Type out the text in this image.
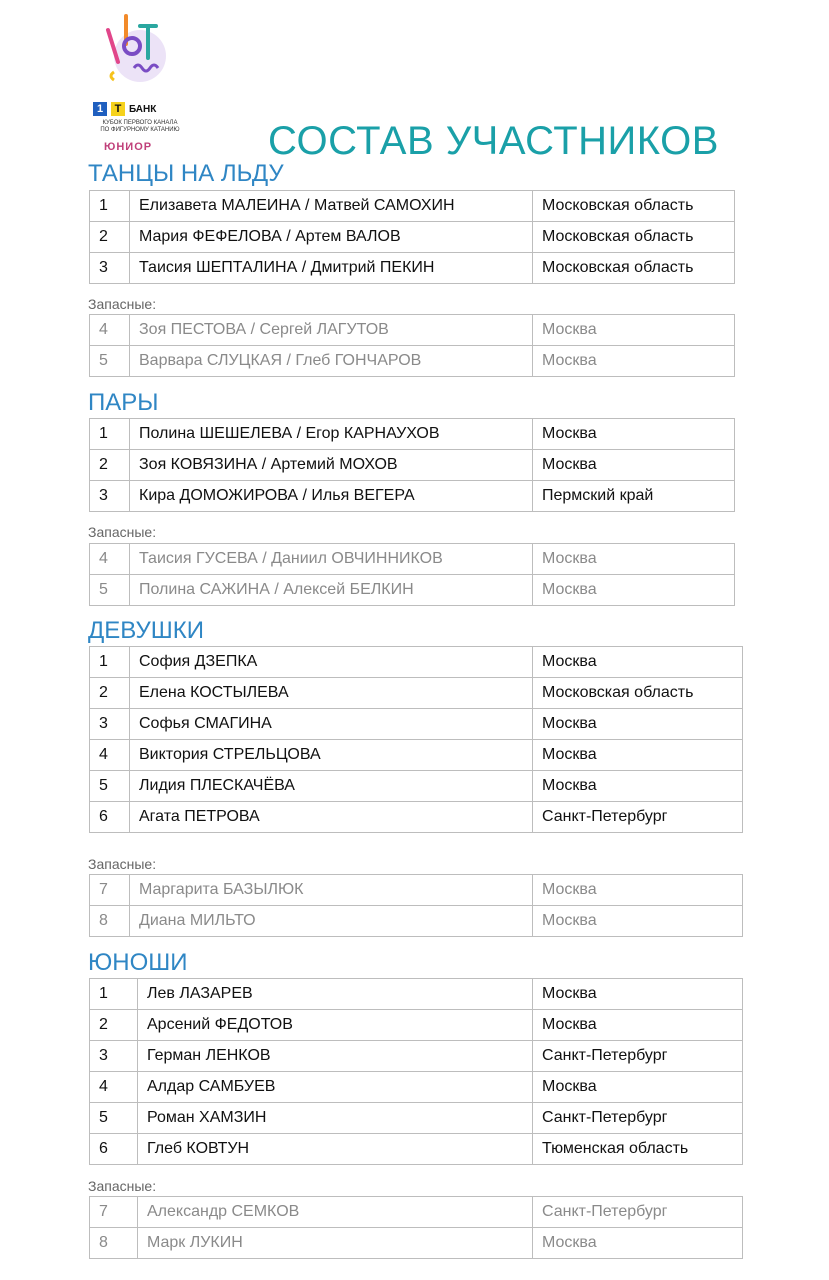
1	Т БАНК
КУБОК ПЕРВОГО КАНАЛА
ПО ФИГУРНОМУ КАТАНИЮ
ЮНИОР	СОСТАВ УЧАСТНИКОВ
ТАНЦЫ НА ЛЬДУ
1	Елизавета МАЛЕИНА / Матвей САМОХИН	Московская область
2	Мария ФЕФЕЛОВА / Артем ВАЛОВ	Московская область
3	Таисия ШЕПТАЛИНА / Дмитрий ПЕКИН	Московская область
Запасные:
4	Зоя ПЕСТОВА / Сергей ЛАГУТОВ	Москва
5	Варвара СЛУЦКАЯ / Глеб ГОНЧАРОВ	Москва
ПАРЫ
1	Полина ШЕШЕЛЕВА / Егор КАРНАУХОВ	Москва
2	Зоя КОВЯЗИНА / Артемий МОХОВ	Москва
3	Кира ДОМОЖИРОВА / Илья ВЕГЕРА	Пермский край
Запасные:
4	Таисия ГУСЕВА / Даниил ОВЧИННИКОВ	Москва
5	Полина САЖИНА / Алексей БЕЛКИН	Москва
ДЕВУШКИ
1	София ДЗЕПКА	Москва
2	Елена КОСТЫЛЕВА	Московская область
3	Софья СМАГИНА	Москва
4	Виктория СТРЕЛЬЦОВА	Москва
5	Лидия ПЛЕСКАЧЁВА	Москва
6	Агата ПЕТРОВА	Санкт-Петербург
Запасные:
7	Маргарита БАЗЫЛЮК	Москва
8	Диана МИЛЬТО	Москва
ЮНОШИ
1	Лев ЛАЗАРЕВ	Москва
2	Арсений ФЕДОТОВ	Москва
3	Герман ЛЕНКОВ	Санкт-Петербург
4	Алдар САМБУЕВ	Москва
5	Роман ХАМЗИН	Санкт-Петербург
6	Глеб КОВТУН	Тюменская область
Запасные:
7	Александр СЕМКОВ	Санкт-Петербург
8	Марк ЛУКИН	Москва
